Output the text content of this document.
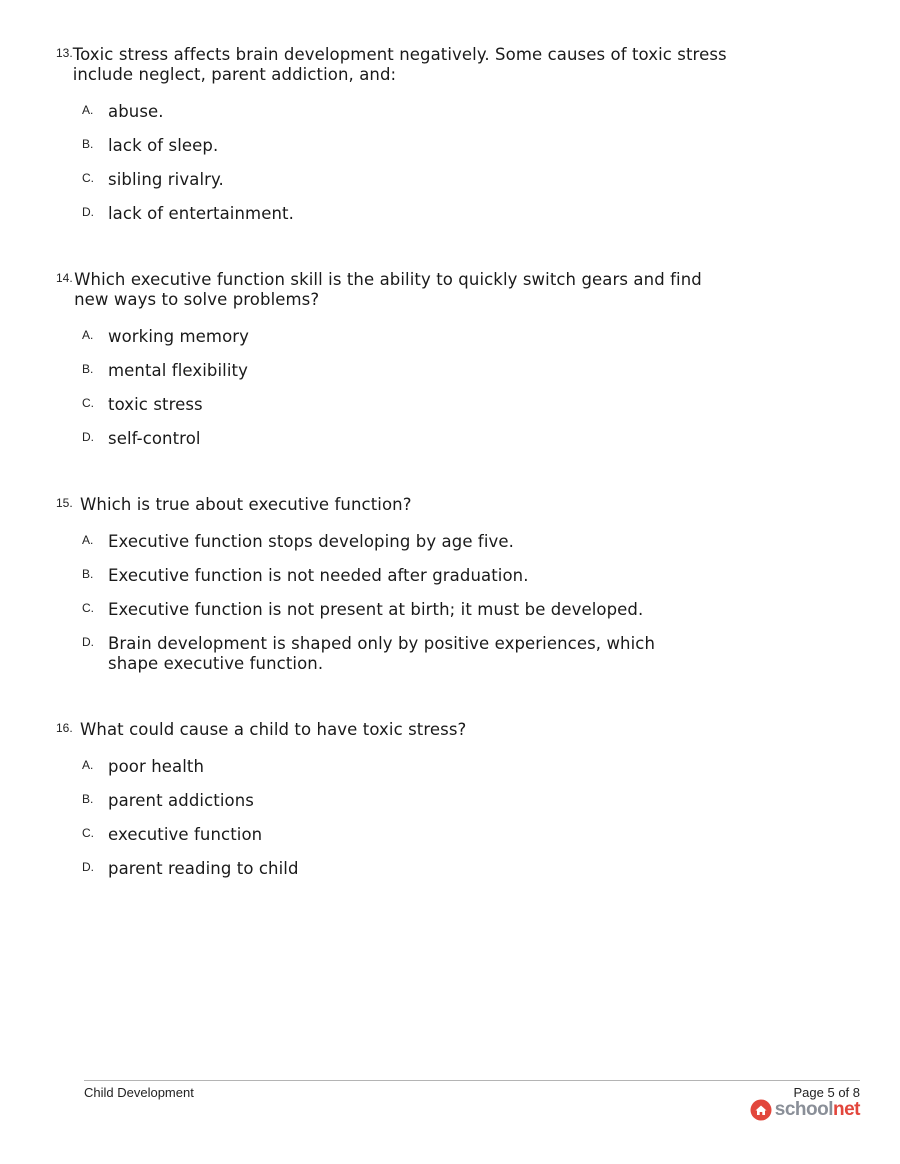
13. Toxic stress affects brain development negatively. Some causes of toxic stress include neglect, parent addiction, and:
A. abuse.
B. lack of sleep.
C. sibling rivalry.
D. lack of entertainment.
14. Which executive function skill is the ability to quickly switch gears and find new ways to solve problems?
A. working memory
B. mental flexibility
C. toxic stress
D. self-control
15. Which is true about executive function?
A. Executive function stops developing by age five.
B. Executive function is not needed after graduation.
C. Executive function is not present at birth; it must be developed.
D. Brain development is shaped only by positive experiences, which shape executive function.
16. What could cause a child to have toxic stress?
A. poor health
B. parent addictions
C. executive function
D. parent reading to child
Child Development	Page 5 of 8
schoolnet
